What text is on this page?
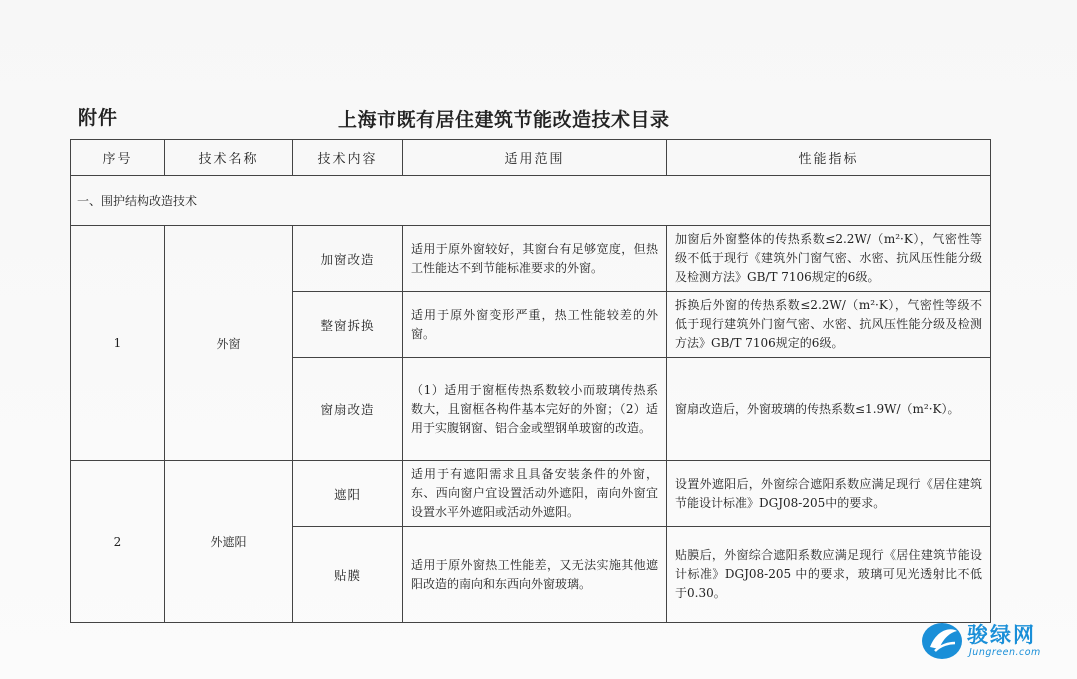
附件	上海市既有居住建筑节能改造技术目录
序号	技术名称	技术内容	适用范围	性能指标
一、围护结构改造技术				
1	外窗	加窗改造	适用于原外窗较好，其窗台有足够宽度，但热工性能达不到节能标准要求的外窗。	加窗后外窗整体的传热系数≤2.2W/（m²·K），气密性等级不低于现行《建筑外门窗气密、水密、抗风压性能分级及检测方法》GB/T 7106规定的6级。
		整窗拆换	适用于原外窗变形严重，热工性能较差的外窗。	拆换后外窗的传热系数≤2.2W/（m²·K），气密性等级不低于现行建筑外门窗气密、水密、抗风压性能分级及检测方法》GB/T 7106规定的6级。
		窗扇改造	（1）适用于窗框传热系数较小而玻璃传热系数大，且窗框各构件基本完好的外窗；（2）适用于实腹钢窗、铝合金或塑钢单玻窗的改造。	窗扇改造后，外窗玻璃的传热系数≤1.9W/（m²·K）。
2	外遮阳	遮阳	适用于有遮阳需求且具备安装条件的外窗，东、西向窗户宜设置活动外遮阳，南向外窗宜设置水平外遮阳或活动外遮阳。	设置外遮阳后，外窗综合遮阳系数应满足现行《居住建筑节能设计标准》DGJ08-205中的要求。
		贴膜	适用于原外窗热工性能差，又无法实施其他遮阳改造的南向和东西向外窗玻璃。	贴膜后，外窗综合遮阳系数应满足现行《居住建筑节能设计标准》DGJ08-205 中的要求，玻璃可见光透射比不低于0.30。
骏绿网
Jungreen.com
